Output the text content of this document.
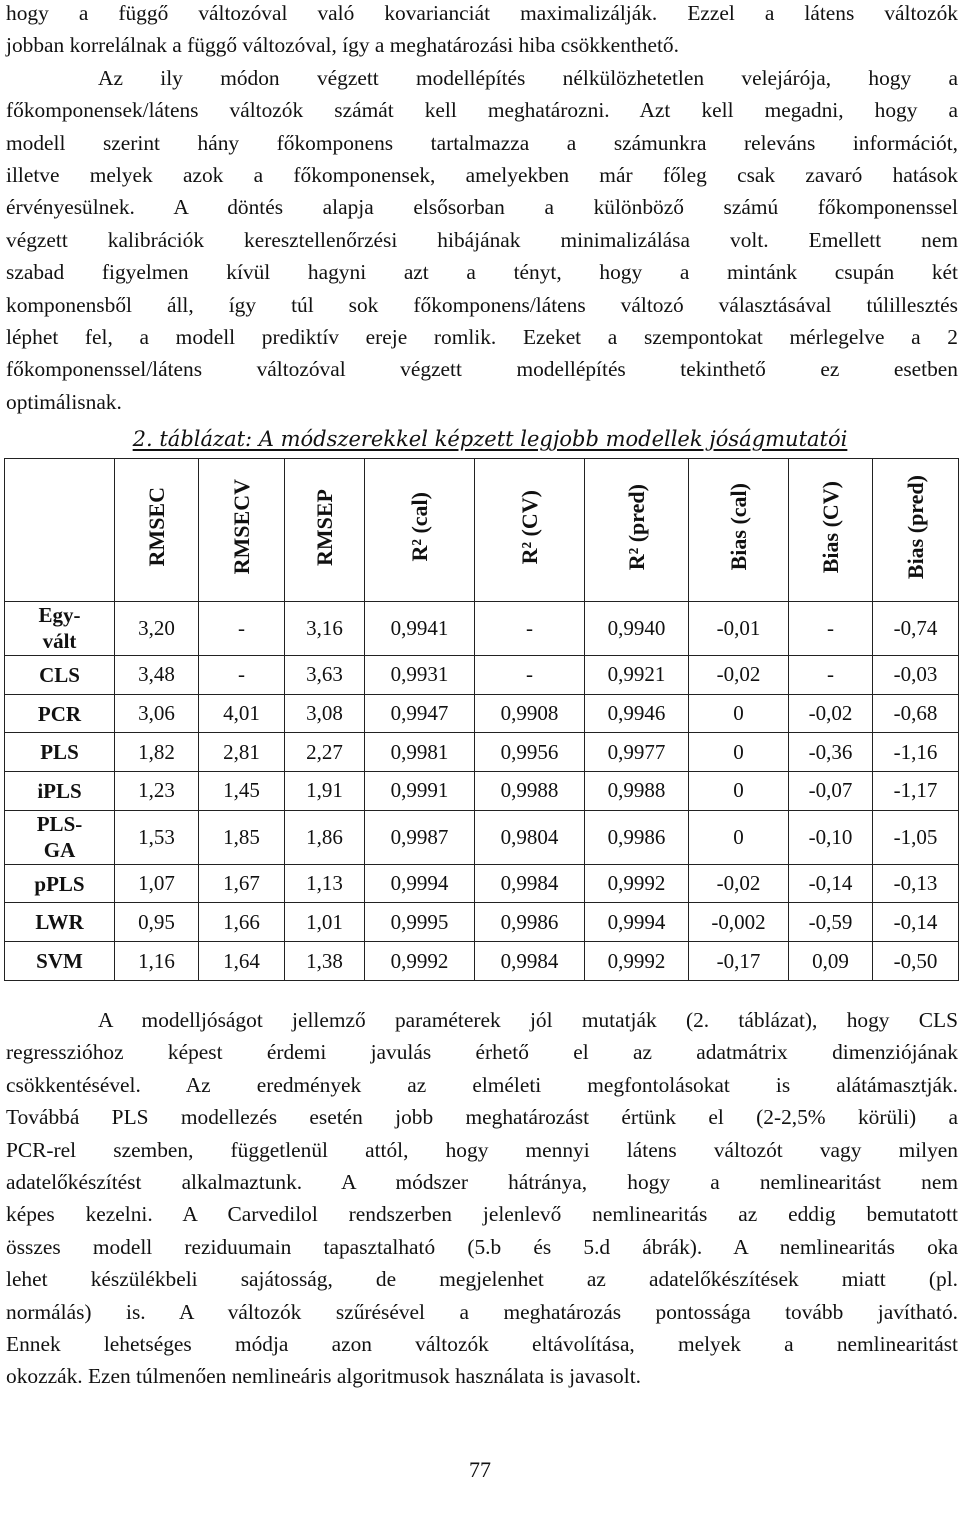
hogy a függő változóval való kovarianciát maximalizálják. Ezzel a látens változók
jobban korrelálnak a függő változóval, így a meghatározási hiba csökkenthető.
Az ily módon végzett modellépítés nélkülözhetetlen velejárója, hogy a
főkomponensek/látens változók számát kell meghatározni. Azt kell megadni, hogy a
modell szerint hány főkomponens tartalmazza a számunkra releváns információt,
illetve melyek azok a főkomponensek, amelyekben már főleg csak zavaró hatások
érvényesülnek. A döntés alapja elsősorban a különböző számú főkomponenssel
végzett kalibrációk keresztellenőrzési hibájának minimalizálása volt. Emellett nem
szabad figyelmen kívül hagyni azt a tényt, hogy a mintánk csupán két
komponensből áll, így túl sok főkomponens/látens változó választásával túlillesztés
léphet fel, a modell prediktív ereje romlik. Ezeket a szempontokat mérlegelve a 2
főkomponenssel/látens változóval végzett modellépítés tekinthető ez esetben
optimálisnak.
2. táblázat: A módszerekkel képzett legjobb modellek jóságmutatói
	RMSEC	RMSECV	RMSEP	R² (cal)	R² (CV)	R² (pred)	Bias (cal)	Bias (CV)	Bias (pred)
Egy-
vált	3,20	-	3,16	0,9941	-	0,9940	-0,01	-	-0,74
CLS	3,48	-	3,63	0,9931	-	0,9921	-0,02	-	-0,03
PCR	3,06	4,01	3,08	0,9947	0,9908	0,9946	0	-0,02	-0,68
PLS	1,82	2,81	2,27	0,9981	0,9956	0,9977	0	-0,36	-1,16
iPLS	1,23	1,45	1,91	0,9991	0,9988	0,9988	0	-0,07	-1,17
PLS-
GA	1,53	1,85	1,86	0,9987	0,9804	0,9986	0	-0,10	-1,05
pPLS	1,07	1,67	1,13	0,9994	0,9984	0,9992	-0,02	-0,14	-0,13
LWR	0,95	1,66	1,01	0,9995	0,9986	0,9994	-0,002	-0,59	-0,14
SVM	1,16	1,64	1,38	0,9992	0,9984	0,9992	-0,17	0,09	-0,50
A modelljóságot jellemző paraméterek jól mutatják (2. táblázat), hogy CLS
regresszióhoz képest érdemi javulás érhető el az adatmátrix dimenziójának
csökkentésével. Az eredmények az elméleti megfontolásokat is alátámasztják.
Továbbá PLS modellezés esetén jobb meghatározást értünk el (2-2,5% körüli) a
PCR-rel szemben, függetlenül attól, hogy mennyi látens változót vagy milyen
adatelőkészítést alkalmaztunk. A módszer hátránya, hogy a nemlinearitást nem
képes kezelni. A Carvedilol rendszerben jelenlevő nemlinearitás az eddig bemutatott
összes modell reziduumain tapasztalható (5.b és 5.d ábrák). A nemlinearitás oka
lehet készülékbeli sajátosság, de megjelenhet az adatelőkészítések miatt (pl.
normálás) is. A változók szűrésével a meghatározás pontossága tovább javítható.
Ennek lehetséges módja azon változók eltávolítása, melyek a nemlinearitást
okozzák. Ezen túlmenően nemlineáris algoritmusok használata is javasolt.
77
